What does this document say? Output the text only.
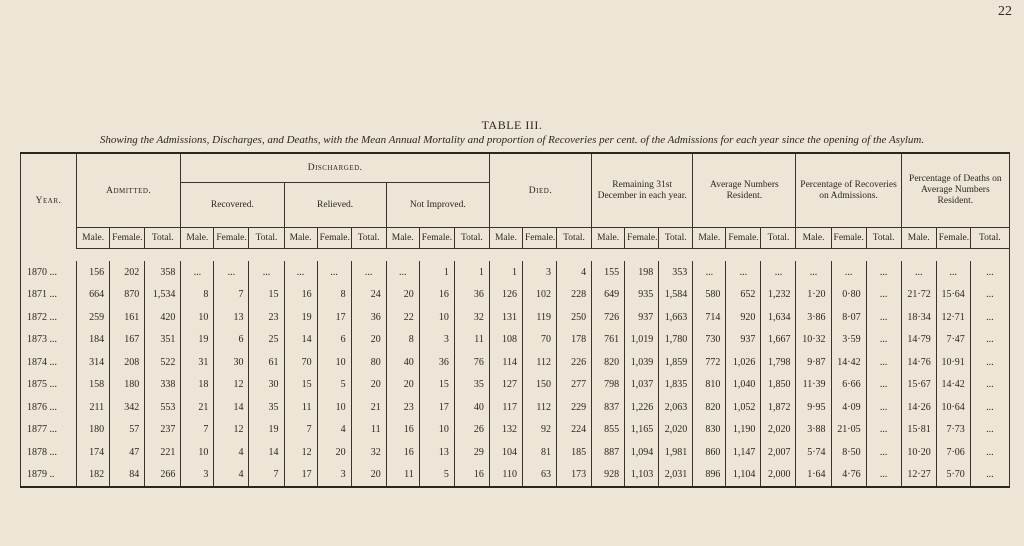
22
TABLE III.
Showing the Admissions, Discharges, and Deaths, with the Mean Annual Mortality and proportion of Recoveries per cent. of the Admissions for each year since the opening of the Asylum.
Year.	Admitted.			Discharged.									Died.			Remaining 31st December in each year.			Average Numbers Resident.			Percentage of Recoveries on Admissions.			Percentage of Deaths on Average Numbers Resident.		
				Recovered.			Relieved.			Not Improved.																	
	Male.	Female.	Total.	Male.	Female.	Total.	Male.	Female.	Total.	Male.	Female.	Total.	Male.	Female.	Total.	Male.	Female.	Total.	Male.	Female.	Total.	Male.	Female.	Total.	Male.	Female.	Total.

1870 ...	156	202	358	...	...	...	...	...	...	...	1	1	1	3	4	155	198	353	...	...	...	...	...	...	...	...	...
1871 ...	664	870	1,534	8	7	15	16	8	24	20	16	36	126	102	228	649	935	1,584	580	652	1,232	1·20	0·80	...	21·72	15·64	...
1872 ...	259	161	420	10	13	23	19	17	36	22	10	32	131	119	250	726	937	1,663	714	920	1,634	3·86	8·07	...	18·34	12·71	...
1873 ...	184	167	351	19	6	25	14	6	20	8	3	11	108	70	178	761	1,019	1,780	730	937	1,667	10·32	3·59	...	14·79	7·47	...
1874 ...	314	208	522	31	30	61	70	10	80	40	36	76	114	112	226	820	1,039	1,859	772	1,026	1,798	9·87	14·42	...	14·76	10·91	...
1875 ...	158	180	338	18	12	30	15	5	20	20	15	35	127	150	277	798	1,037	1,835	810	1,040	1,850	11·39	6·66	...	15·67	14·42	...
1876 ...	211	342	553	21	14	35	11	10	21	23	17	40	117	112	229	837	1,226	2,063	820	1,052	1,872	9·95	4·09	...	14·26	10·64	...
1877 ...	180	57	237	7	12	19	7	4	11	16	10	26	132	92	224	855	1,165	2,020	830	1,190	2,020	3·88	21·05	...	15·81	7·73	...
1878 ...	174	47	221	10	4	14	12	20	32	16	13	29	104	81	185	887	1,094	1,981	860	1,147	2,007	5·74	8·50	...	10·20	7·06	...
1879 ..	182	84	266	3	4	7	17	3	20	11	5	16	110	63	173	928	1,103	2,031	896	1,104	2,000	1·64	4·76	...	12·27	5·70	...
